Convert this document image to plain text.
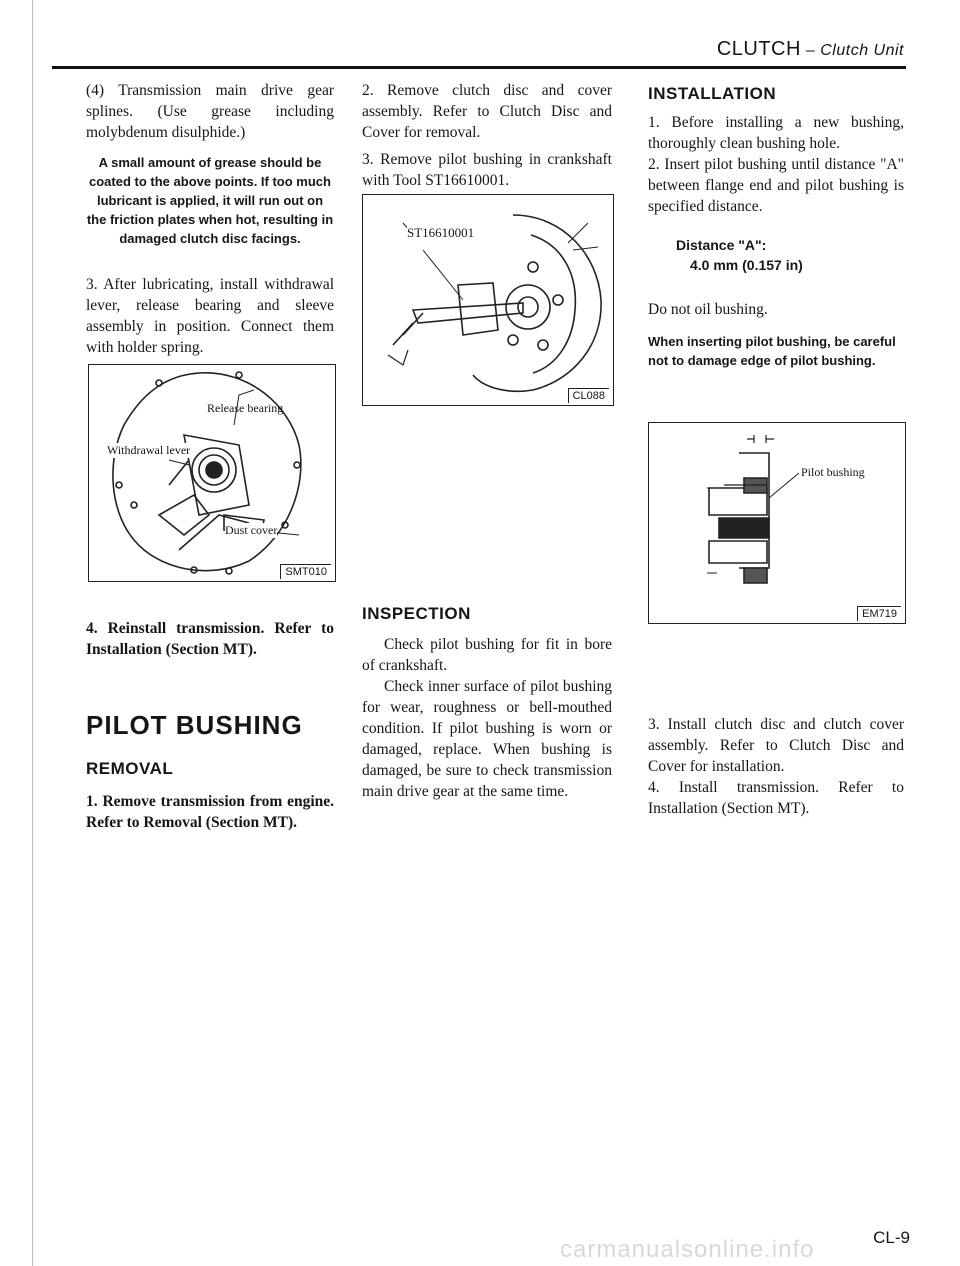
CLUTCH – Clutch Unit

(4) Transmission main drive gear splines. (Use grease including molybdenum disulphide.)

A small amount of grease should be coated to the above points. If too much lubricant is applied, it will run out on the friction plates when hot, resulting in damaged clutch disc facings.

3. After lubricating, install withdrawal lever, release bearing and sleeve assembly in position. Connect them with holder spring.

Release bearing
Withdrawal lever
Dust cover
SMT010

4. Reinstall transmission. Refer to Installation (Section MT).

PILOT BUSHING
REMOVAL

1. Remove transmission from engine. Refer to Removal (Section MT).

2. Remove clutch disc and cover assembly. Refer to Clutch Disc and Cover for removal.

3. Remove pilot bushing in crankshaft with Tool ST16610001.

ST16610001
CL088
INSPECTION

Check pilot bushing for fit in bore of crankshaft.

Check inner surface of pilot bushing for wear, roughness or bell-mouthed condition. If pilot bushing is worn or damaged, replace. When bushing is damaged, be sure to check transmission main drive gear at the same time.

INSTALLATION

1. Before installing a new bushing, thoroughly clean bushing hole.

2. Insert pilot bushing until distance "A" between flange end and pilot bushing is specified distance.

Distance "A":
4.0 mm (0.157 in)

Do not oil bushing.

When inserting pilot bushing, be careful not to damage edge of pilot bushing.

Pilot bushing
EM719

3. Install clutch disc and clutch cover assembly. Refer to Clutch Disc and Cover for installation.

4. Install transmission. Refer to Installation (Section MT).

CL-9
carmanualsonline.info
